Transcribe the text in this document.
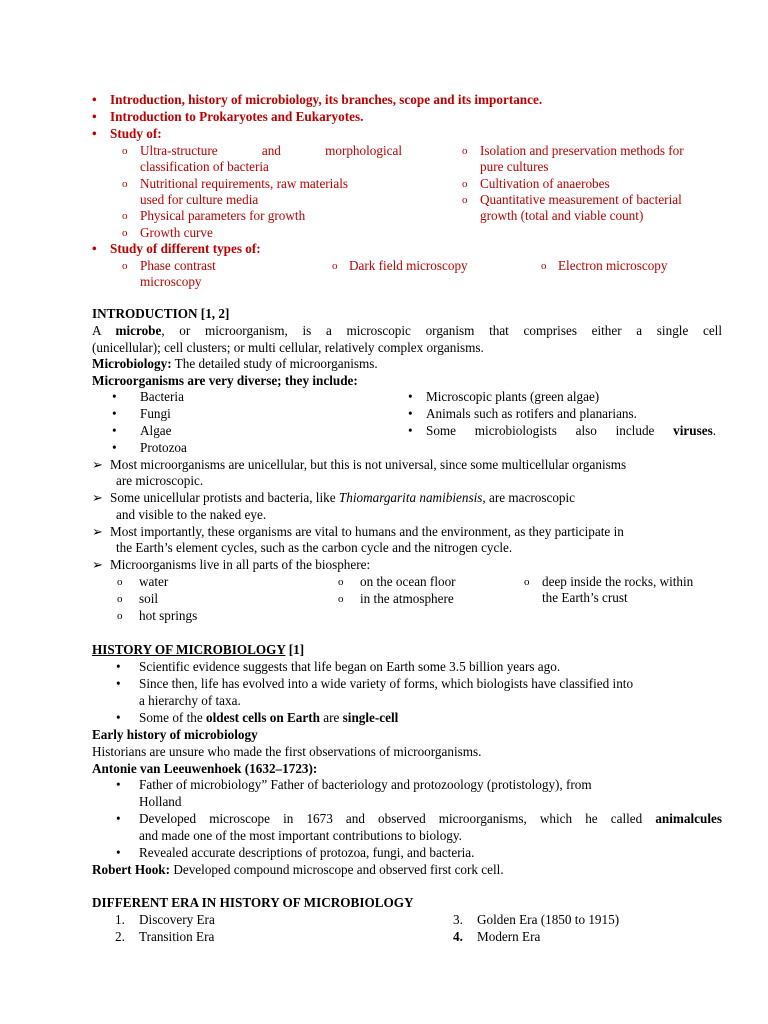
•	Introduction, history of microbiology, its branches, scope and its importance.
•	Introduction to Prokaryotes and Eukaryotes.
•	Study of:
o Ultra-structure and morphological
classification of bacteria
o Nutritional requirements, raw materials
used for culture media
o Physical parameters for growth
o Growth curve
o Isolation and preservation methods for
pure cultures
o Cultivation of anaerobes
o Quantitative measurement of bacterial
growth (total and viable count)
•	Study of different types of:
o Phase contrast
microscopy
o Dark field microscopy	o Electron microscopy
INTRODUCTION [1, 2]
A microbe, or microorganism, is a microscopic organism that comprises either a single cell
(unicellular); cell clusters; or multi cellular, relatively complex organisms.
Microbiology: The detailed study of microorganisms.
Microorganisms are very diverse; they include:
•	Bacteria
•	Fungi
•	Algae
•	Protozoa
•	Microscopic plants (green algae)
•	Animals such as rotifers and planarians.
•	Some microbiologists also include viruses.
➢ Most microorganisms are unicellular, but this is not universal, since some multicellular organisms
are microscopic.
➢ Some unicellular protists and bacteria, like Thiomargarita namibiensis, are macroscopic
and visible to the naked eye.
➢ Most importantly, these organisms are vital to humans and the environment, as they participate in
the Earth’s element cycles, such as the carbon cycle and the nitrogen cycle.
➢ Microorganisms live in all parts of the biosphere:
o	water
o	soil
o	hot springs
o	on the ocean floor
o	in the atmosphere
o deep inside the rocks, within
the Earth’s crust
HISTORY OF MICROBIOLOGY [1]
•	Scientific evidence suggests that life began on Earth some 3.5 billion years ago.
•	Since then, life has evolved into a wide variety of forms, which biologists have classified into
a hierarchy of taxa.
•	Some of the oldest cells on Earth are single-cell
Early history of microbiology
Historians are unsure who made the first observations of microorganisms.
Antonie van Leeuwenhoek (1632–1723):
•	Father of microbiology” Father of bacteriology and protozoology (protistology), from
Holland
•	Developed microscope in 1673 and observed microorganisms, which he called animalcules
and made one of the most important contributions to biology.
•	Revealed accurate descriptions of protozoa, fungi, and bacteria.
Robert Hook: Developed compound microscope and observed first cork cell.
DIFFERENT ERA IN HISTORY OF MICROBIOLOGY
1. Discovery Era
2. Transition Era
3. Golden Era (1850 to 1915)
4. Modern Era
